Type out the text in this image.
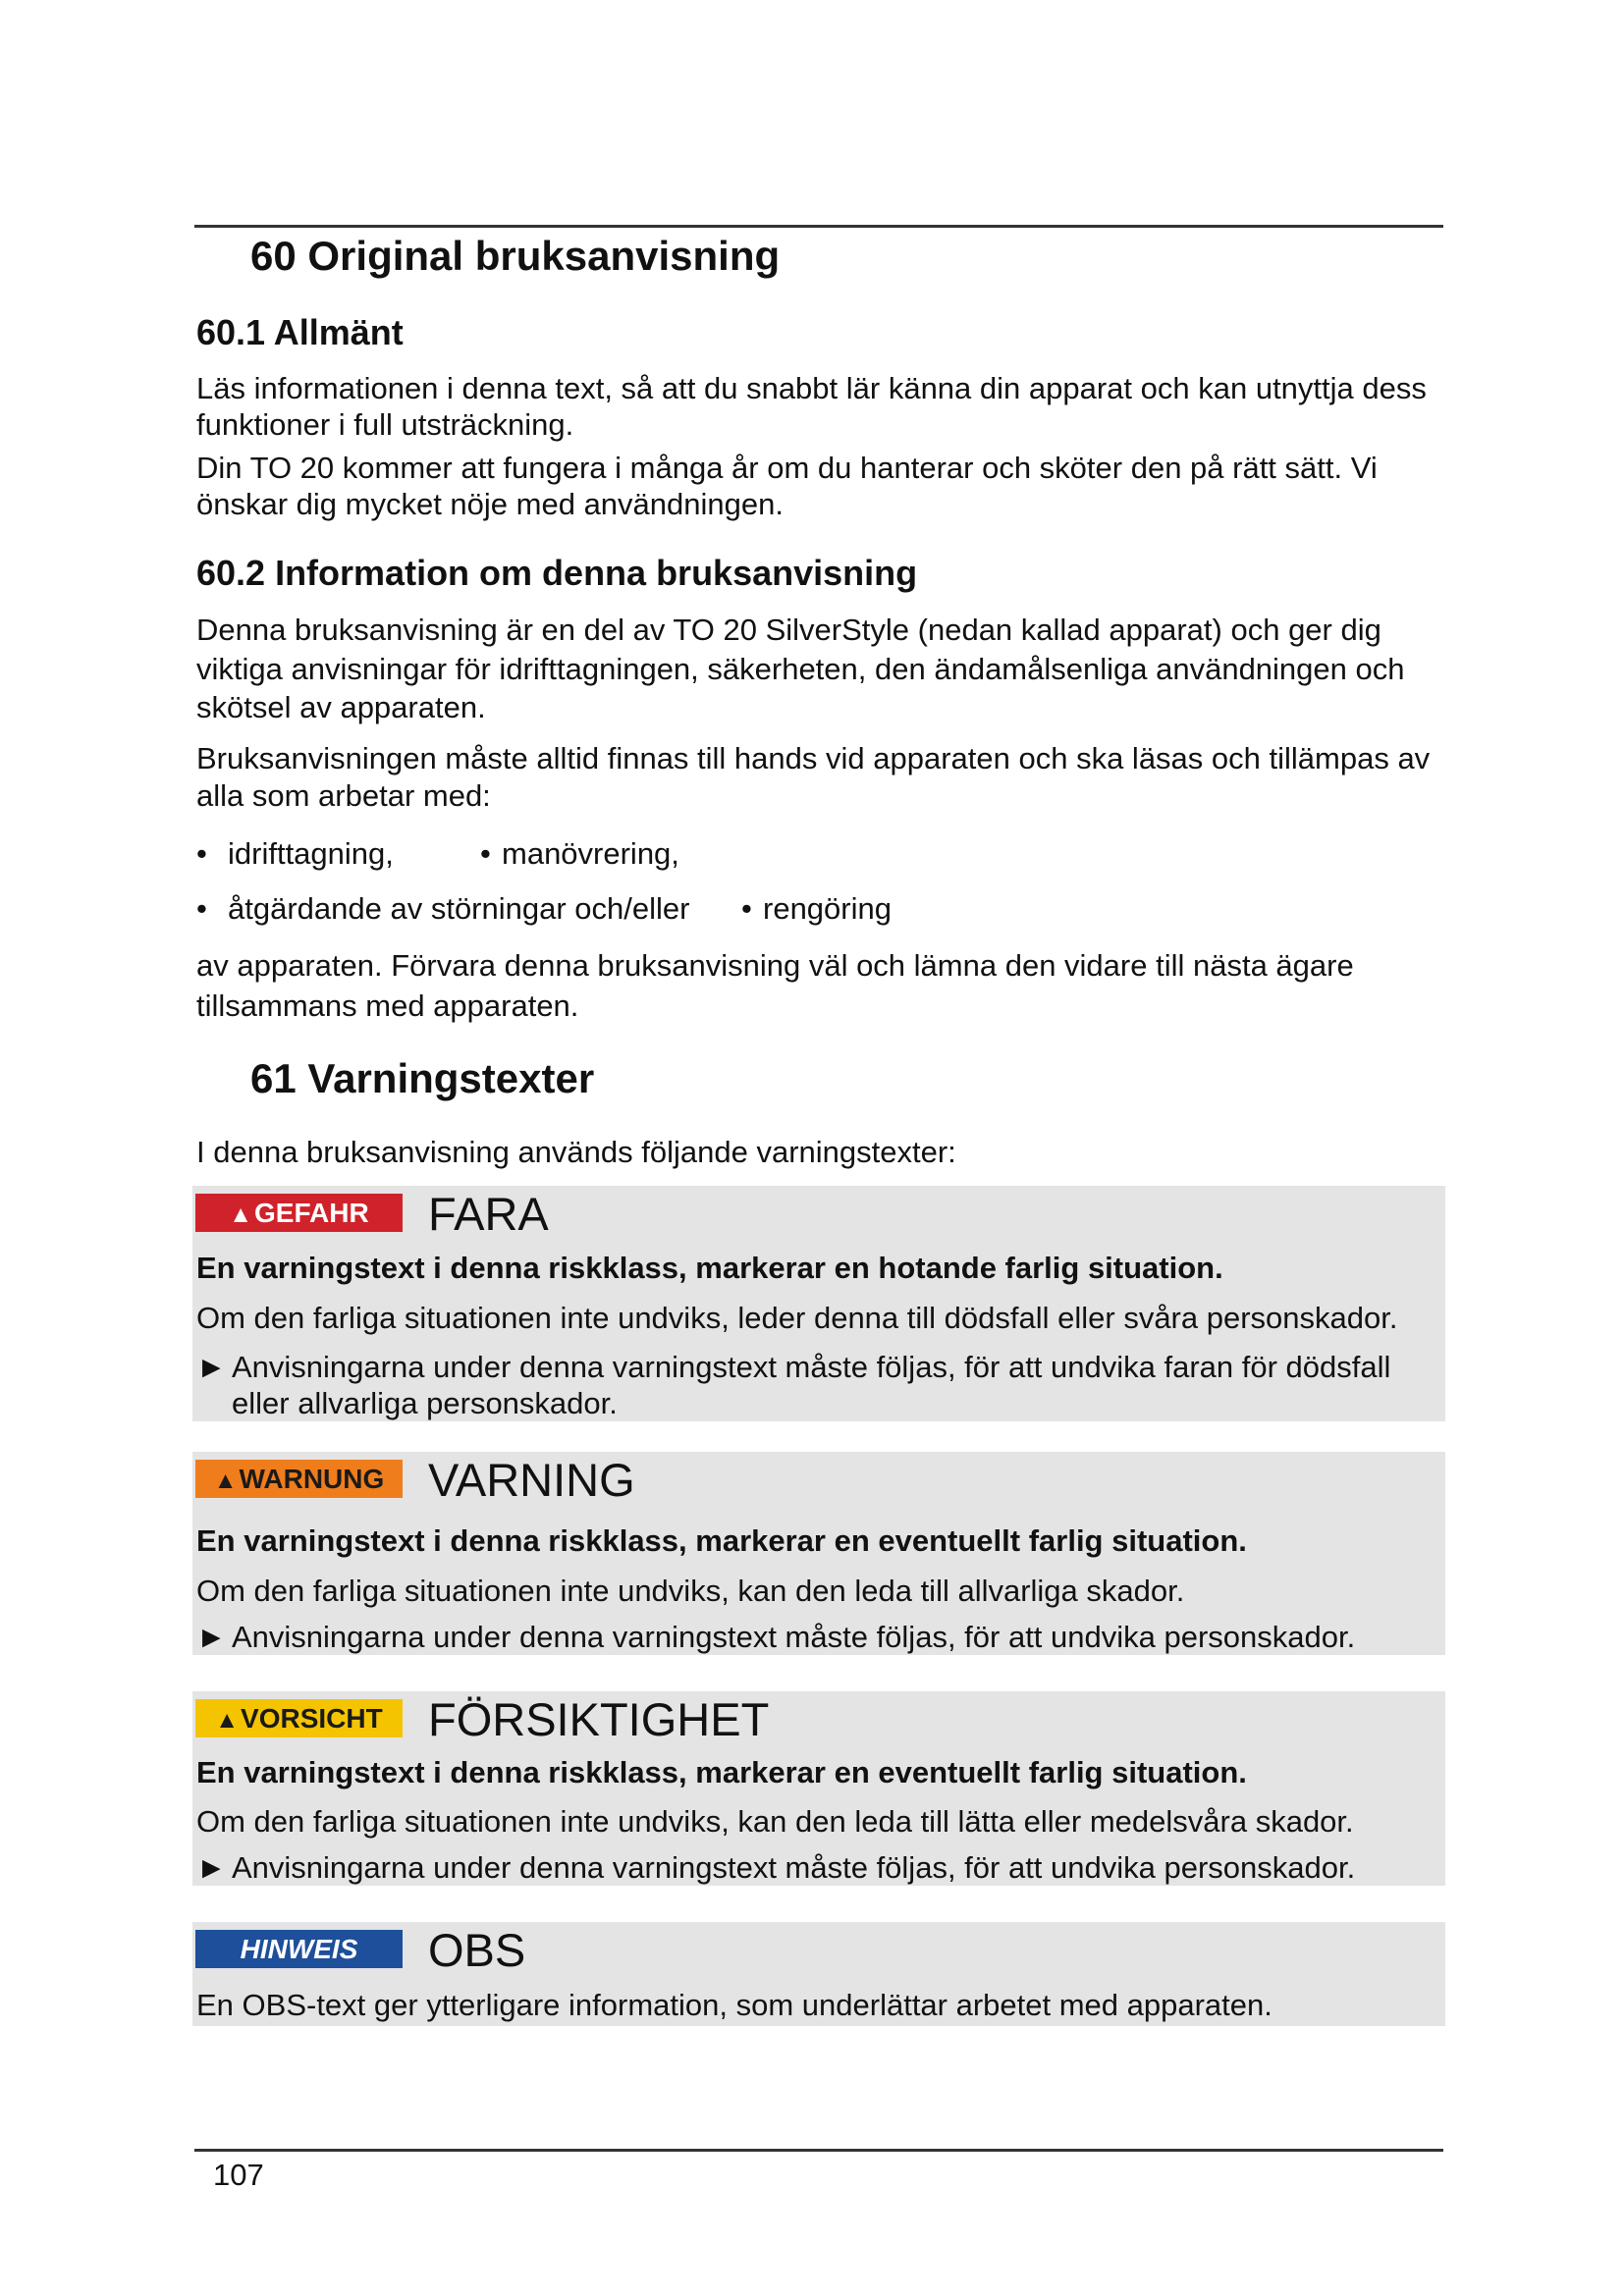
60 Original bruksanvisning
60.1 Allmänt

Läs informationen i denna text, så att du snabbt lär känna din apparat och kan utnyttja dess funktioner i full utsträckning.

Din TO 20 kommer att fungera i många år om du hanterar och sköter den på rätt sätt. Vi önskar dig mycket nöje med användningen.

60.2 Information om denna bruksanvisning

Denna bruksanvisning är en del av TO 20 SilverStyle (nedan kallad apparat) och ger dig viktiga anvisningar för idrifttagningen, säkerheten, den ändamålsenliga användningen och skötsel av apparaten.

Bruksanvisningen måste alltid finnas till hands vid apparaten och ska läsas och tillämpas av alla som arbetar med:

• idrifttagning,	• manövrering,
• åtgärdande av störningar och/eller • rengöring

av apparaten. Förvara denna bruksanvisning väl och lämna den vidare till nästa ägare tillsammans med apparaten.

61 Varningstexter

I denna bruksanvisning används följande varningstexter:

▲GEFAHR	FARA
En varningstext i denna riskklass, markerar en hotande farlig situation.
Om den farliga situationen inte undviks, leder denna till dödsfall eller svåra personskador.
► Anvisningarna under denna varningstext måste följas, för att undvika faran för dödsfall
eller allvarliga personskador.
▲WARNUNG VARNING
En varningstext i denna riskklass, markerar en eventuellt farlig situation.
Om den farliga situationen inte undviks, kan den leda till allvarliga skador.
► Anvisningarna under denna varningstext måste följas, för att undvika personskador.
▲VORSICHT FÖRSIKTIGHET
En varningstext i denna riskklass, markerar en eventuellt farlig situation.
Om den farliga situationen inte undviks, kan den leda till lätta eller medelsvåra skador.
► Anvisningarna under denna varningstext måste följas, för att undvika personskador.
HINWEIS	OBS
En OBS-text ger ytterligare information, som underlättar arbetet med apparaten.
107
